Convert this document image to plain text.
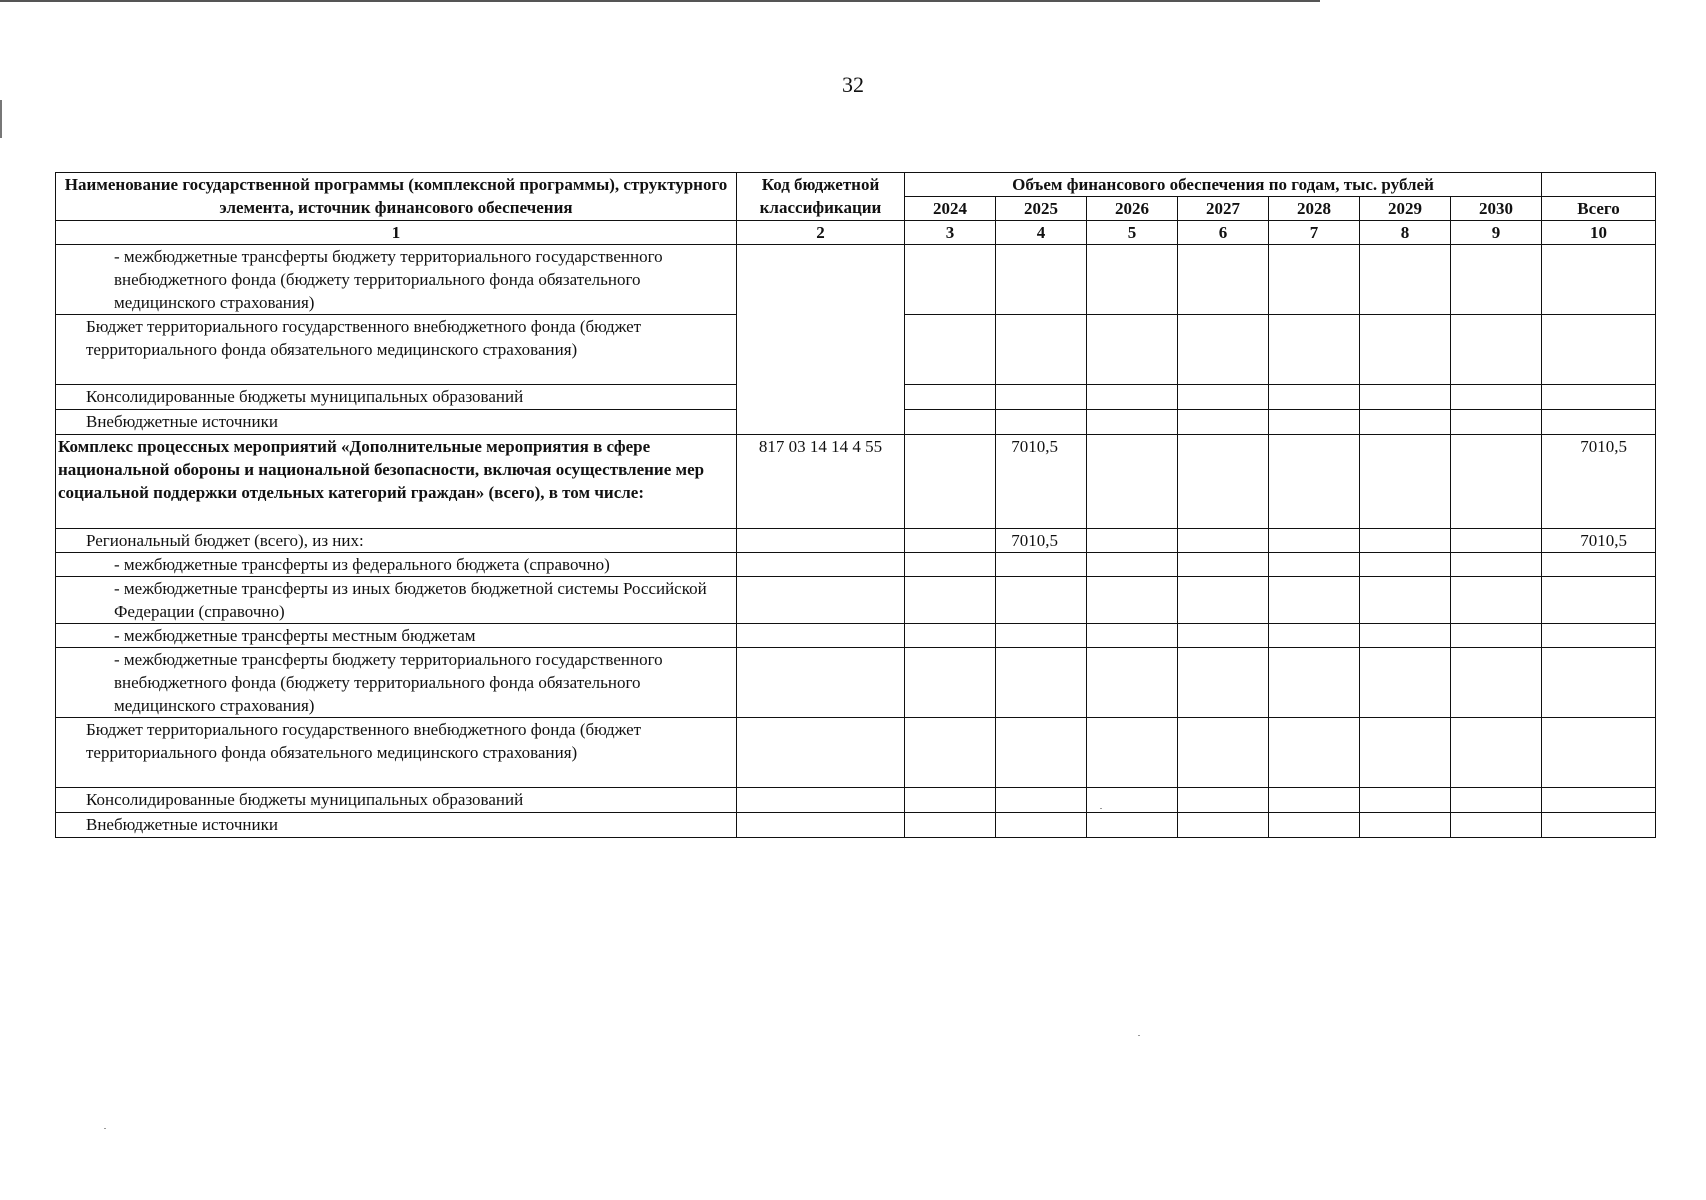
32
Наименование государственной программы (комплексной программы), структурного элемента, источник финансового обеспечения	Код бюджетной классификации	Объем финансового обеспечения по годам, тыс. рублей							
		2024	2025	2026	2027	2028	2029	2030	Всего
1	2	3	4	5	6	7	8	9	10
- межбюджетные трансферты бюджету территориального государственного внебюджетного фонда (бюджету территориального фонда обязательного медицинского страхования)									
Бюджет территориального государственного внебюджетного фонда (бюджет территориального фонда обязательного медицинского страхования)									
Консолидированные бюджеты муниципальных образований									
Внебюджетные источники									
Комплекс процессных мероприятий «Дополнительные мероприятия в сфере национальной обороны и национальной безопасности, включая осуществление мер социальной поддержки отдельных категорий граждан» (всего), в том числе:	817 03 14 14 4 55		7010,5						7010,5
Региональный бюджет (всего), из них:			7010,5						7010,5
- межбюджетные трансферты из федерального бюджета (справочно)									
- межбюджетные трансферты из иных бюджетов бюджетной системы Российской Федерации (справочно)									
- межбюджетные трансферты местным бюджетам									
- межбюджетные трансферты бюджету территориального государственного внебюджетного фонда (бюджету территориального фонда обязательного медицинского страхования)									
Бюджет территориального государственного внебюджетного фонда (бюджет территориального фонда обязательного медицинского страхования)									
Консолидированные бюджеты муниципальных образований									
Внебюджетные источники									
